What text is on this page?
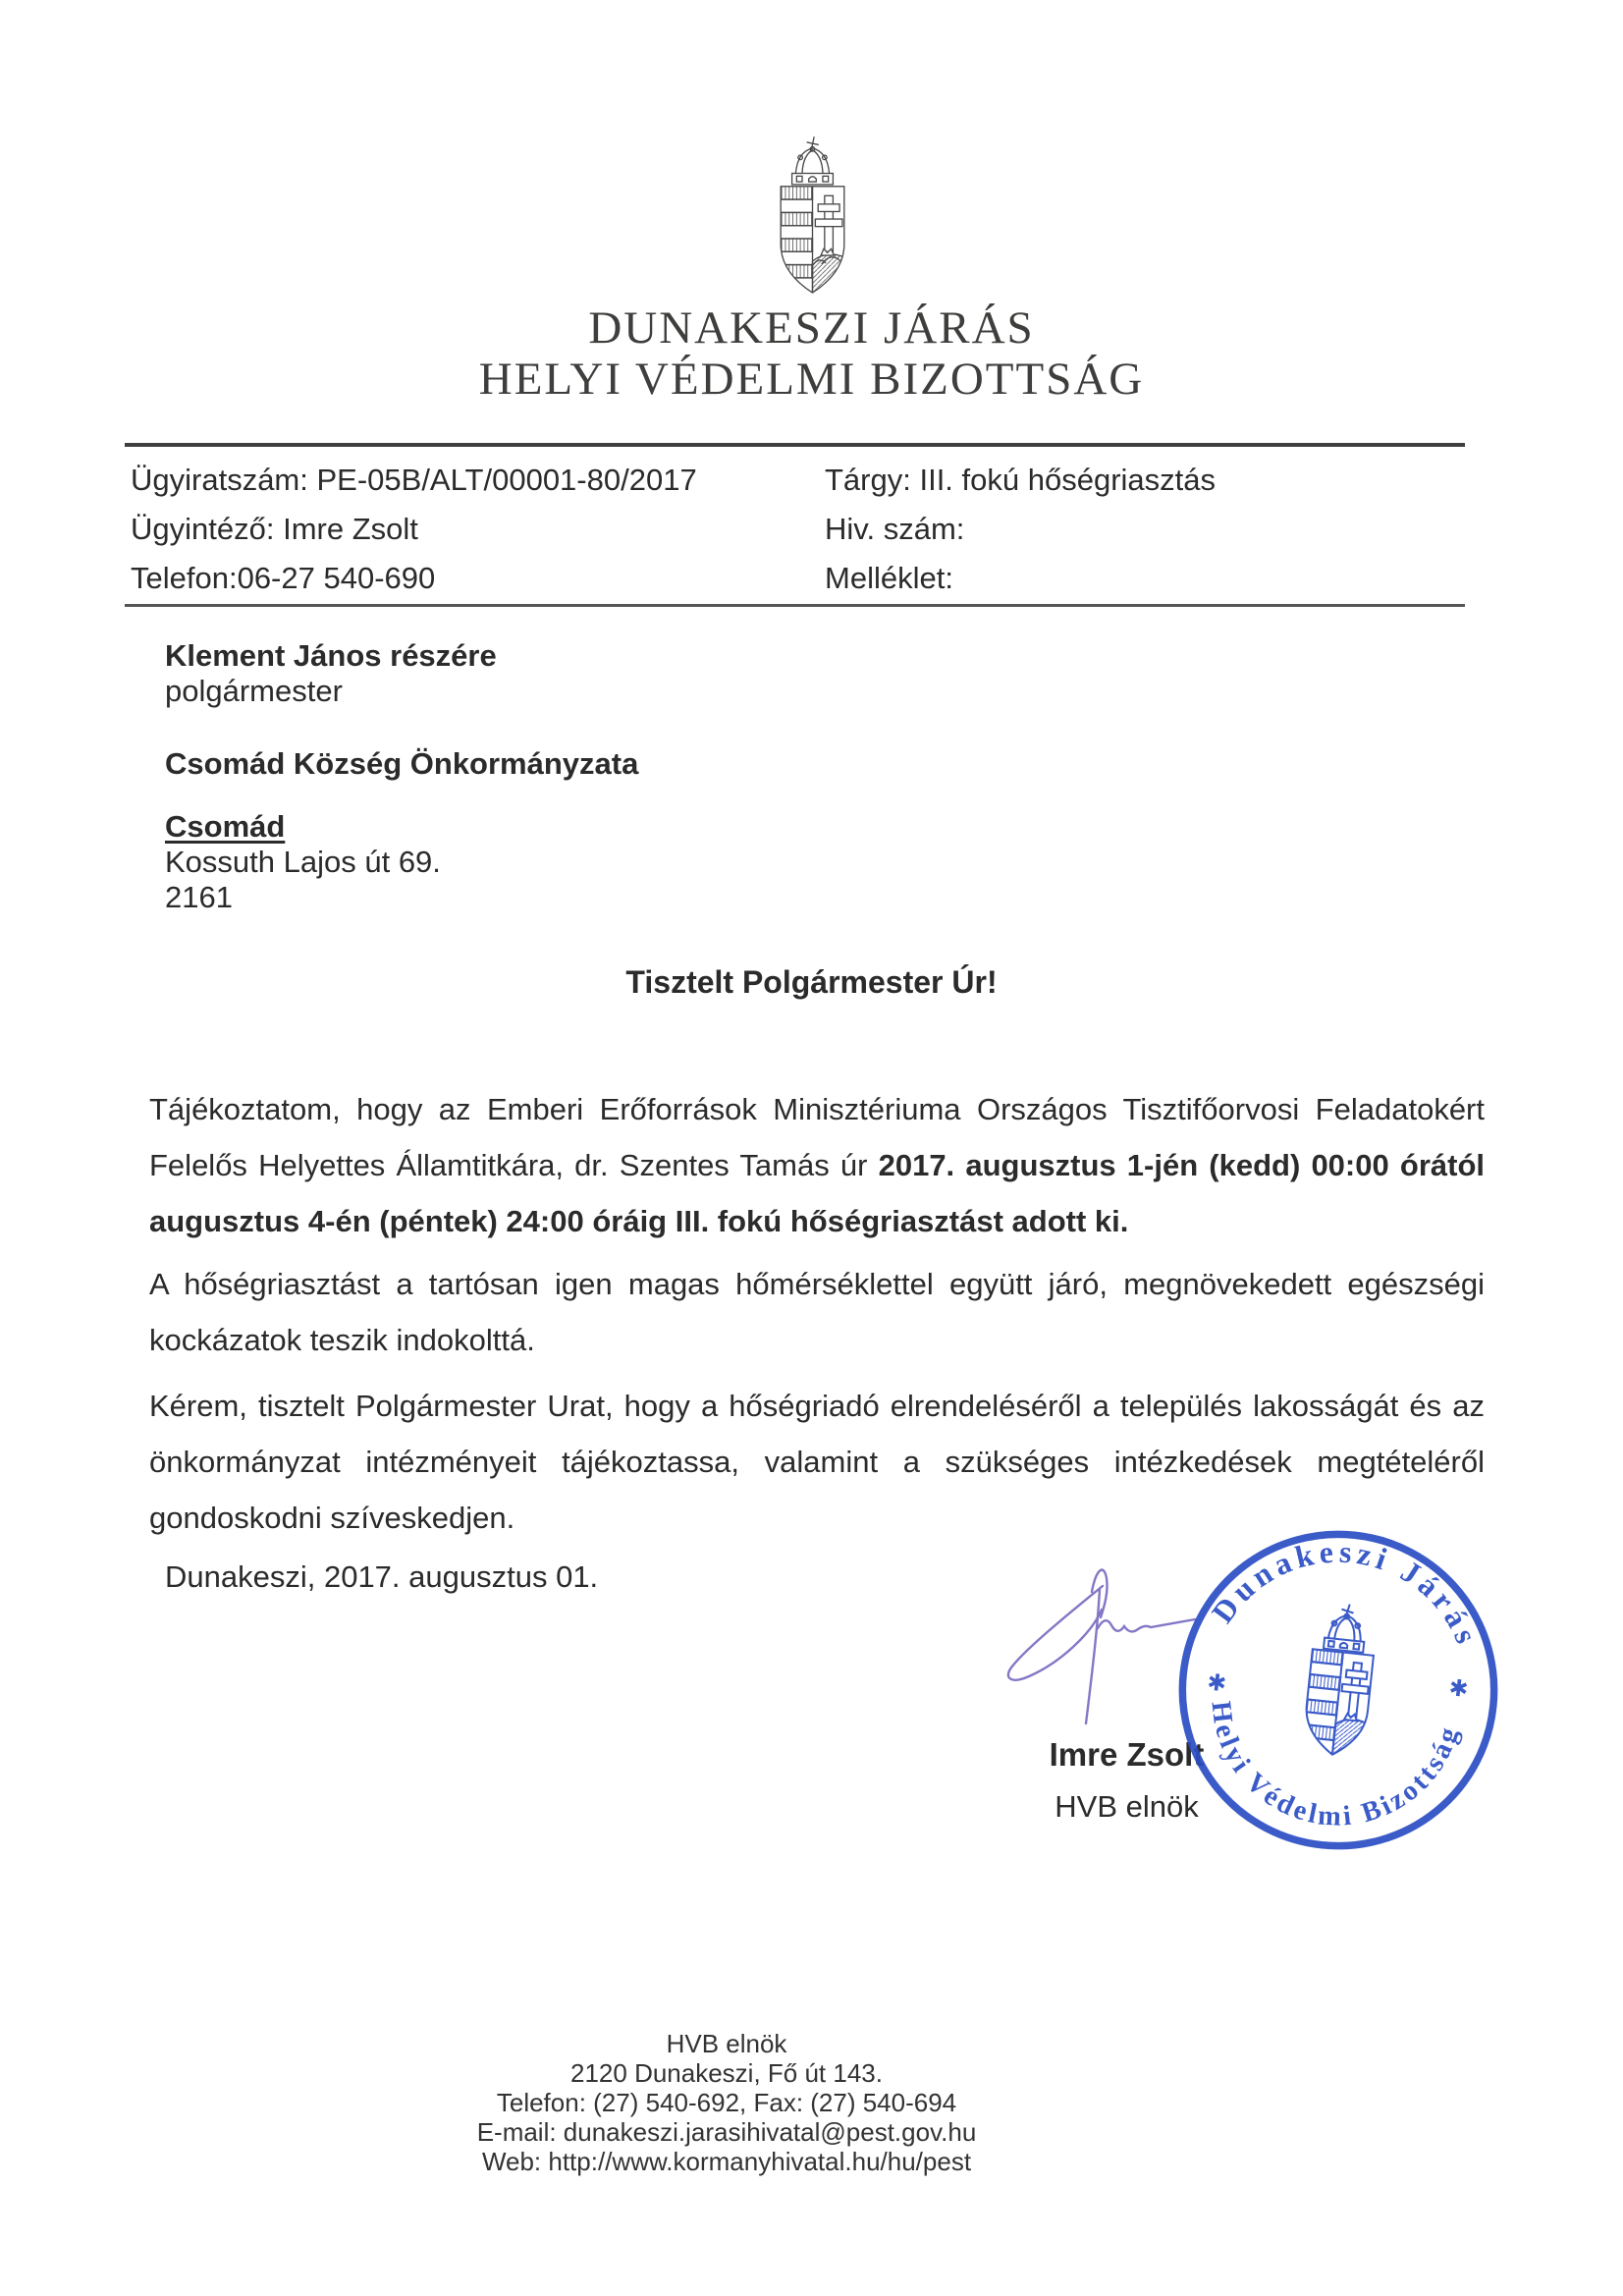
DUNAKESZI JÁRÁS
HELYI VÉDELMI BIZOTTSÁG
Ügyiratszám: PE-05B/ALT/00001-80/2017
Ügyintéző: Imre Zsolt
Telefon:06-27 540-690
Tárgy: III. fokú hőségriasztás
Hiv. szám:
Melléklet:
Klement János részére
polgármester
Csomád Község Önkormányzata
Csomád
Kossuth Lajos út 69.
2161
Tisztelt Polgármester Úr!

Tájékoztatom, hogy az Emberi Erőforrások Minisztériuma Országos Tisztifőorvosi Feladatokért Felelős Helyettes Államtitkára, dr. Szentes Tamás úr 2017. augusztus 1-jén (kedd) 00:00 órától augusztus 4-én (péntek) 24:00 óráig III. fokú hőségriasztást adott ki.

A hőségriasztást a tartósan igen magas hőmérséklettel együtt járó, megnövekedett egészségi kockázatok teszik indokolttá.

Kérem, tisztelt Polgármester Urat, hogy a hőségriadó elrendeléséről a település lakosságát és az önkormányzat intézményeit tájékoztassa, valamint a szükséges intézkedések megtételéről gondoskodni szíveskedjen.

Dunakeszi, 2017. augusztus 01.
Imre Zsolt
HVB elnök
Dunakeszi Járás
Helyi Védelmi Bizottság
✱	✱
HVB elnök
2120 Dunakeszi, Fő út 143.
Telefon: (27) 540-692, Fax: (27) 540-694
E-mail: dunakeszi.jarasihivatal@pest.gov.hu
Web: http://www.kormanyhivatal.hu/hu/pest
